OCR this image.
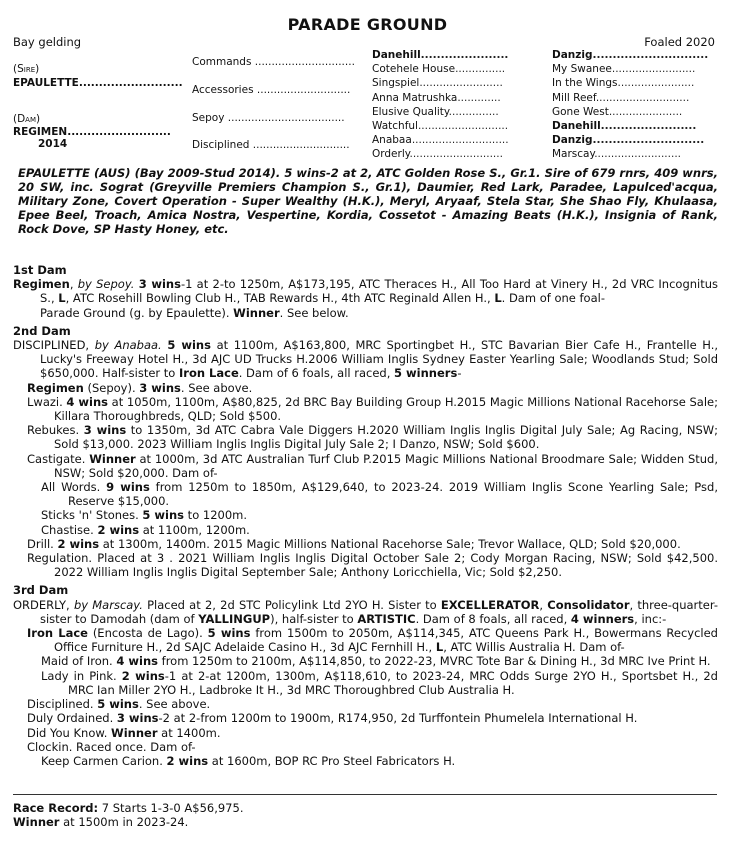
PARADE GROUND
Bay gelding	Foaled 2020
(Sire)
EPAULETTE..........................
(Dam)
REGIMEN..........................
2014
Commands ..............................
Accessories ............................
Sepoy ...................................
Disciplined .............................
Danehill......................
Cotehele House...............
Singspiel.........................
Anna Matrushka.............
Elusive Quality...............
Watchful...........................
Anabaa.............................
Orderly............................
Danzig.............................
My Swanee.........................
In the Wings.......................
Mill Reef............................
Gone West......................
Danehill........................
Danzig............................
Marscay..........................
EPAULETTE (AUS) (Bay 2009-Stud 2014). 5 wins-2 at 2, ATC Golden Rose S., Gr.1. Sire of 679 rnrs, 409 wnrs, 20 SW, inc. Sograt (Greyville Premiers Champion S., Gr.1), Daumier, Red Lark, Paradee, Lapulced'acqua, Military Zone, Covert Operation - Super Wealthy (H.K.), Meryl, Aryaaf, Stela Star, She Shao Fly, Khulaasa, Epee Beel, Troach, Amica Nostra, Vespertine, Kordia, Cossetot - Amazing Beats (H.K.), Insignia of Rank, Rock Dove, SP Hasty Honey, etc.
1st Dam
Regimen, by Sepoy. 3 wins-1 at 2-to 1250m, A$173,195, ATC Theraces H., All Too Hard at Vinery H., 2d VRC Incognitus S., L, ATC Rosehill Bowling Club H., TAB Rewards H., 4th ATC Reginald Allen H., L. Dam of one foal-
Parade Ground (g. by Epaulette). Winner. See below.
2nd Dam
DISCIPLINED, by Anabaa. 5 wins at 1100m, A$163,800, MRC Sportingbet H., STC Bavarian Bier Cafe H., Frantelle H., Lucky's Freeway Hotel H., 3d AJC UD Trucks H.2006 William Inglis Sydney Easter Yearling Sale; Woodlands Stud; Sold $650,000. Half-sister to Iron Lace. Dam of 6 foals, all raced, 5 winners-
Regimen (Sepoy). 3 wins. See above.
Lwazi. 4 wins at 1050m, 1100m, A$80,825, 2d BRC Bay Building Group H.2015 Magic Millions National Racehorse Sale; Killara Thoroughbreds, QLD; Sold $500.
Rebukes. 3 wins to 1350m, 3d ATC Cabra Vale Diggers H.2020 William Inglis Inglis Digital July Sale; Ag Racing, NSW; Sold $13,000. 2023 William Inglis Inglis Digital July Sale 2; I Danzo, NSW; Sold $600.
Castigate. Winner at 1000m, 3d ATC Australian Turf Club P.2015 Magic Millions National Broodmare Sale; Widden Stud, NSW; Sold $20,000. Dam of-
All Words. 9 wins from 1250m to 1850m, A$129,640, to 2023-24. 2019 William Inglis Scone Yearling Sale; Psd, Reserve $15,000.
Sticks 'n' Stones. 5 wins to 1200m.
Chastise. 2 wins at 1100m, 1200m.
Drill. 2 wins at 1300m, 1400m. 2015 Magic Millions National Racehorse Sale; Trevor Wallace, QLD; Sold $20,000.
Regulation. Placed at 3 . 2021 William Inglis Inglis Digital October Sale 2; Cody Morgan Racing, NSW; Sold $42,500. 2022 William Inglis Inglis Digital September Sale; Anthony Loricchiella, Vic; Sold $2,250.
3rd Dam
ORDERLY, by Marscay. Placed at 2, 2d STC Policylink Ltd 2YO H. Sister to EXCELLERATOR, Consolidator, three-quarter-sister to Damodah (dam of YALLINGUP), half-sister to ARTISTIC. Dam of 8 foals, all raced, 4 winners, inc:-
Iron Lace (Encosta de Lago). 5 wins from 1500m to 2050m, A$114,345, ATC Queens Park H., Bowermans Recycled Office Furniture H., 2d SAJC Adelaide Casino H., 3d AJC Fernhill H., L, ATC Willis Australia H. Dam of-
Maid of Iron. 4 wins from 1250m to 2100m, A$114,850, to 2022-23, MVRC Tote Bar & Dining H., 3d MRC Ive Print H.
Lady in Pink. 2 wins-1 at 2-at 1200m, 1300m, A$118,610, to 2023-24, MRC Odds Surge 2YO H., Sportsbet H., 2d MRC Ian Miller 2YO H., Ladbroke It H., 3d MRC Thoroughbred Club Australia H.
Disciplined. 5 wins. See above.
Duly Ordained. 3 wins-2 at 2-from 1200m to 1900m, R174,950, 2d Turffontein Phumelela International H.
Did You Know. Winner at 1400m.
Clockin. Raced once. Dam of-
Keep Carmen Carion. 2 wins at 1600m, BOP RC Pro Steel Fabricators H.
Race Record: 7 Starts 1-3-0 A$56,975.
Winner at 1500m in 2023-24.
